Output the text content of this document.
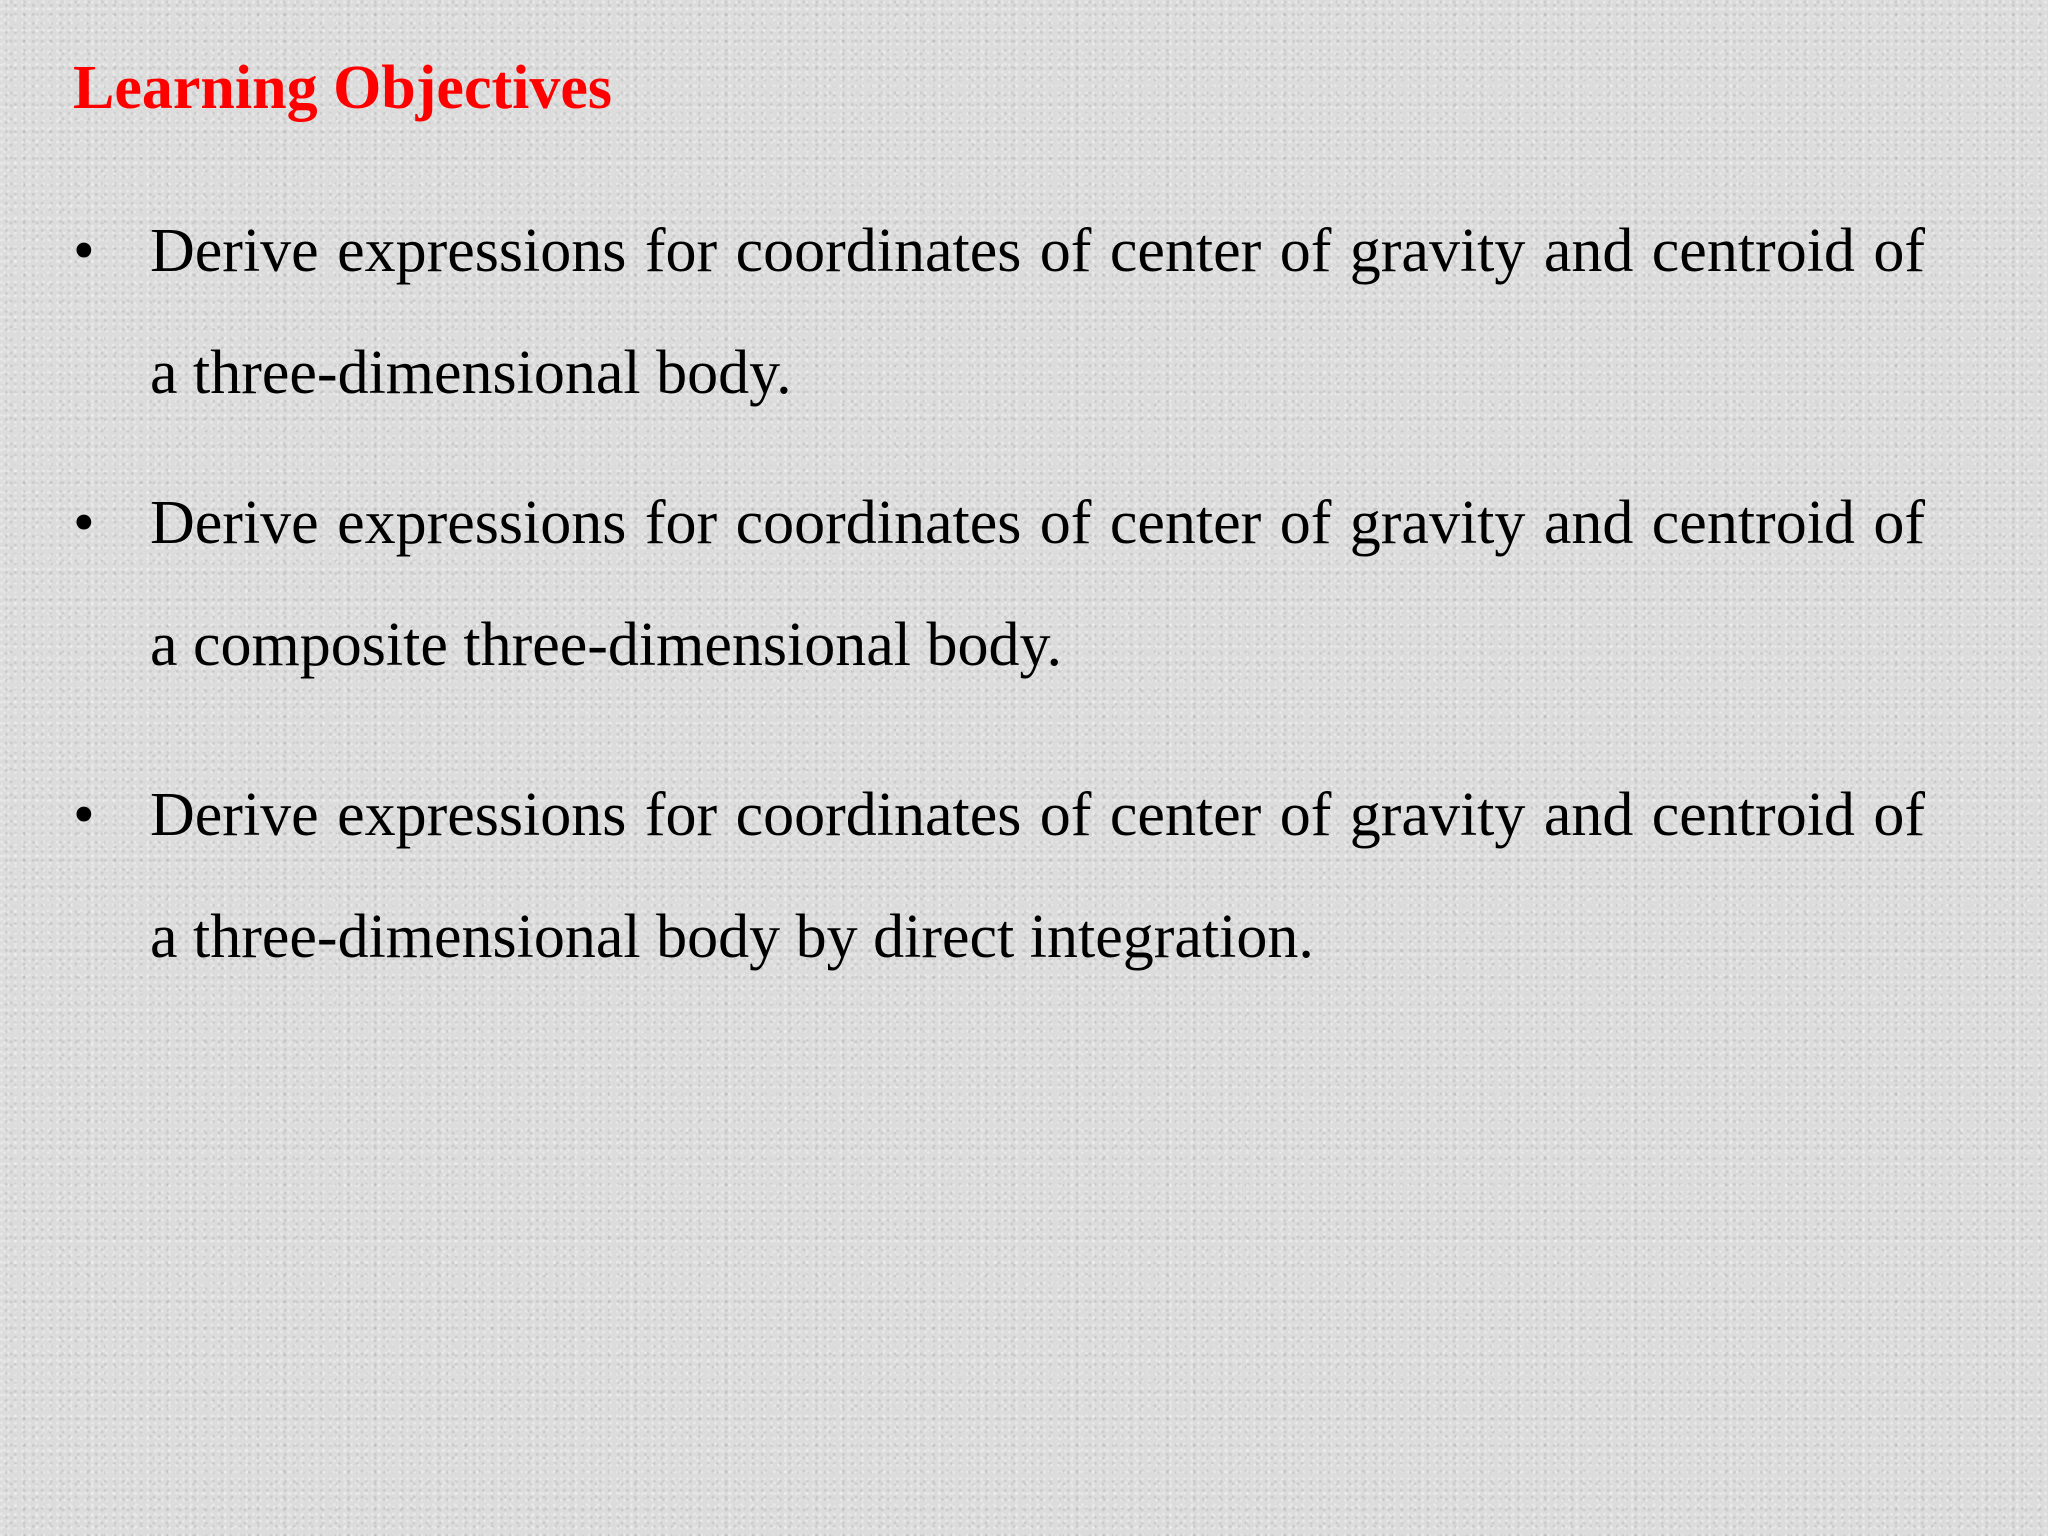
Learning Objectives
• Derive expressions for coordinates of center of gravity and centroid of a three-dimensional body.
• Derive expressions for coordinates of center of gravity and centroid of a composite three-dimensional body.
• Derive expressions for coordinates of center of gravity and centroid of a three-dimensional body by direct integration.
